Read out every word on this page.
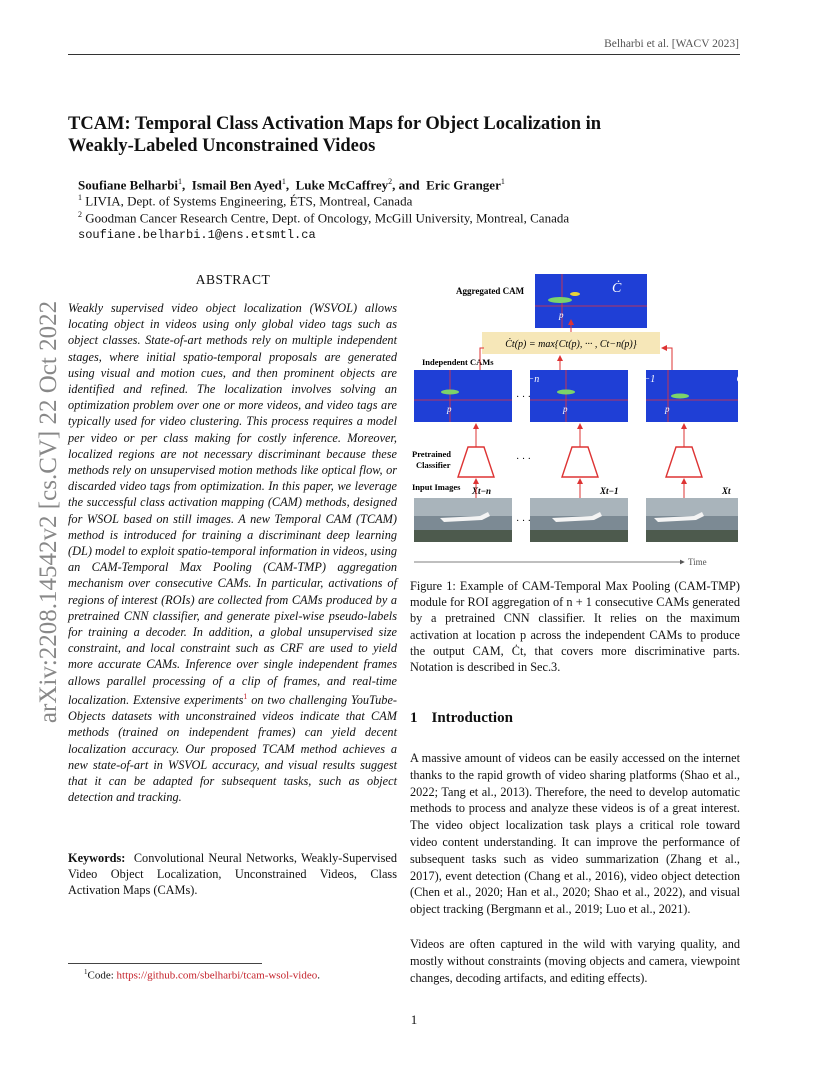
Belharbi et al. [WACV 2023]
arXiv:2208.14542v2 [cs.CV] 22 Oct 2022
TCAM: Temporal Class Activation Maps for Object Localization in
Weakly-Labeled Unconstrained Videos
Soufiane Belharbi$^1$,  Ismail Ben Ayed$^1$,  Luke McCaffrey$^2$, and Eric Granger$^1$
$^1$ LIVIA, Dept. of Systems Engineering, ÉTS, Montreal, Canada
$^2$ Goodman Cancer Research Centre, Dept. of Oncology, McGill University, Montreal, Canada
soufiane.belharbi.1@ens.etsmtl.ca
ABSTRACT
Weakly supervised video object localization (WSVOL) allows locating object in videos using only global video tags such as object classes. State-of-art methods rely on multiple independent stages, where initial spatio-temporal proposals are generated using visual and motion cues, and then prominent objects are identified and refined. The localization involves solving an optimization problem over one or more videos, and video tags are typically used for video clustering. This process requires a model per video or per class making for costly inference. Moreover, localized regions are not necessary discriminant because these methods rely on unsupervised motion methods like optical flow, or discarded video tags from optimization. In this paper, we leverage the successful class activation mapping (CAM) methods, designed for WSOL based on still images. A new Temporal CAM (TCAM) method is introduced for training a discriminant deep learning (DL) model to exploit spatio-temporal information in videos, using an CAM-Temporal Max Pooling (CAM-TMP) aggregation mechanism over consecutive CAMs. In particular, activations of regions of interest (ROIs) are collected from CAMs produced by a pretrained CNN classifier, and generate pixel-wise pseudo-labels for training a decoder. In addition, a global unsupervised size constraint, and local constraint such as CRF are used to yield more accurate CAMs. Inference over single independent frames allows parallel processing of a clip of frames, and real-time localization. Extensive experiments$^1$ on two challenging YouTube-Objects datasets with unconstrained videos indicate that CAM methods (trained on independent frames) can yield decent localization accuracy. Our proposed TCAM method achieves a new state-of-art in WSVOL accuracy, and visual results suggest that it can be adapted for subsequent tasks, such as object detection and tracking.
Keywords: Convolutional Neural Networks, Weakly-Supervised Video Object Localization, Unconstrained Videos, Class Activation Maps (CAMs).
$^1$Code: https://github.com/sbelharbi/tcam-wsol-video.
Aggregated CAM	Ċ
p
Ċt(p) = max{Ct(p), ··· , Ct−n(p)}
Independent CAMs
Ct−n	Ct−1	Ct
p	p	p
· · ·
Pretrained
Classifier	· · ·
Input Images Xt−n	Xt−1	Xt
· · ·
Time
Figure 1: Example of CAM-Temporal Max Pooling (CAM-TMP) module for ROI aggregation of n + 1 consecutive CAMs generated by a pretrained CNN classifier. It relies on the maximum activation at location p across the independent CAMs to produce the output CAM, Ċt, that covers more discriminative parts. Notation is described in Sec.3.
1 Introduction
A massive amount of videos can be easily accessed on the internet thanks to the rapid growth of video sharing platforms (Shao et al., 2022; Tang et al., 2013). Therefore, the need to develop automatic methods to process and analyze these videos is of a great interest. The video object localization task plays a critical role toward video content understanding. It can improve the performance of subsequent tasks such as video summarization (Zhang et al., 2017), event detection (Chang et al., 2016), video object detection (Chen et al., 2020; Han et al., 2020; Shao et al., 2022), and visual object tracking (Bergmann et al., 2019; Luo et al., 2021).
Videos are often captured in the wild with varying quality, and mostly without constraints (moving objects and camera, viewpoint changes, decoding artifacts, and editing effects).
1
